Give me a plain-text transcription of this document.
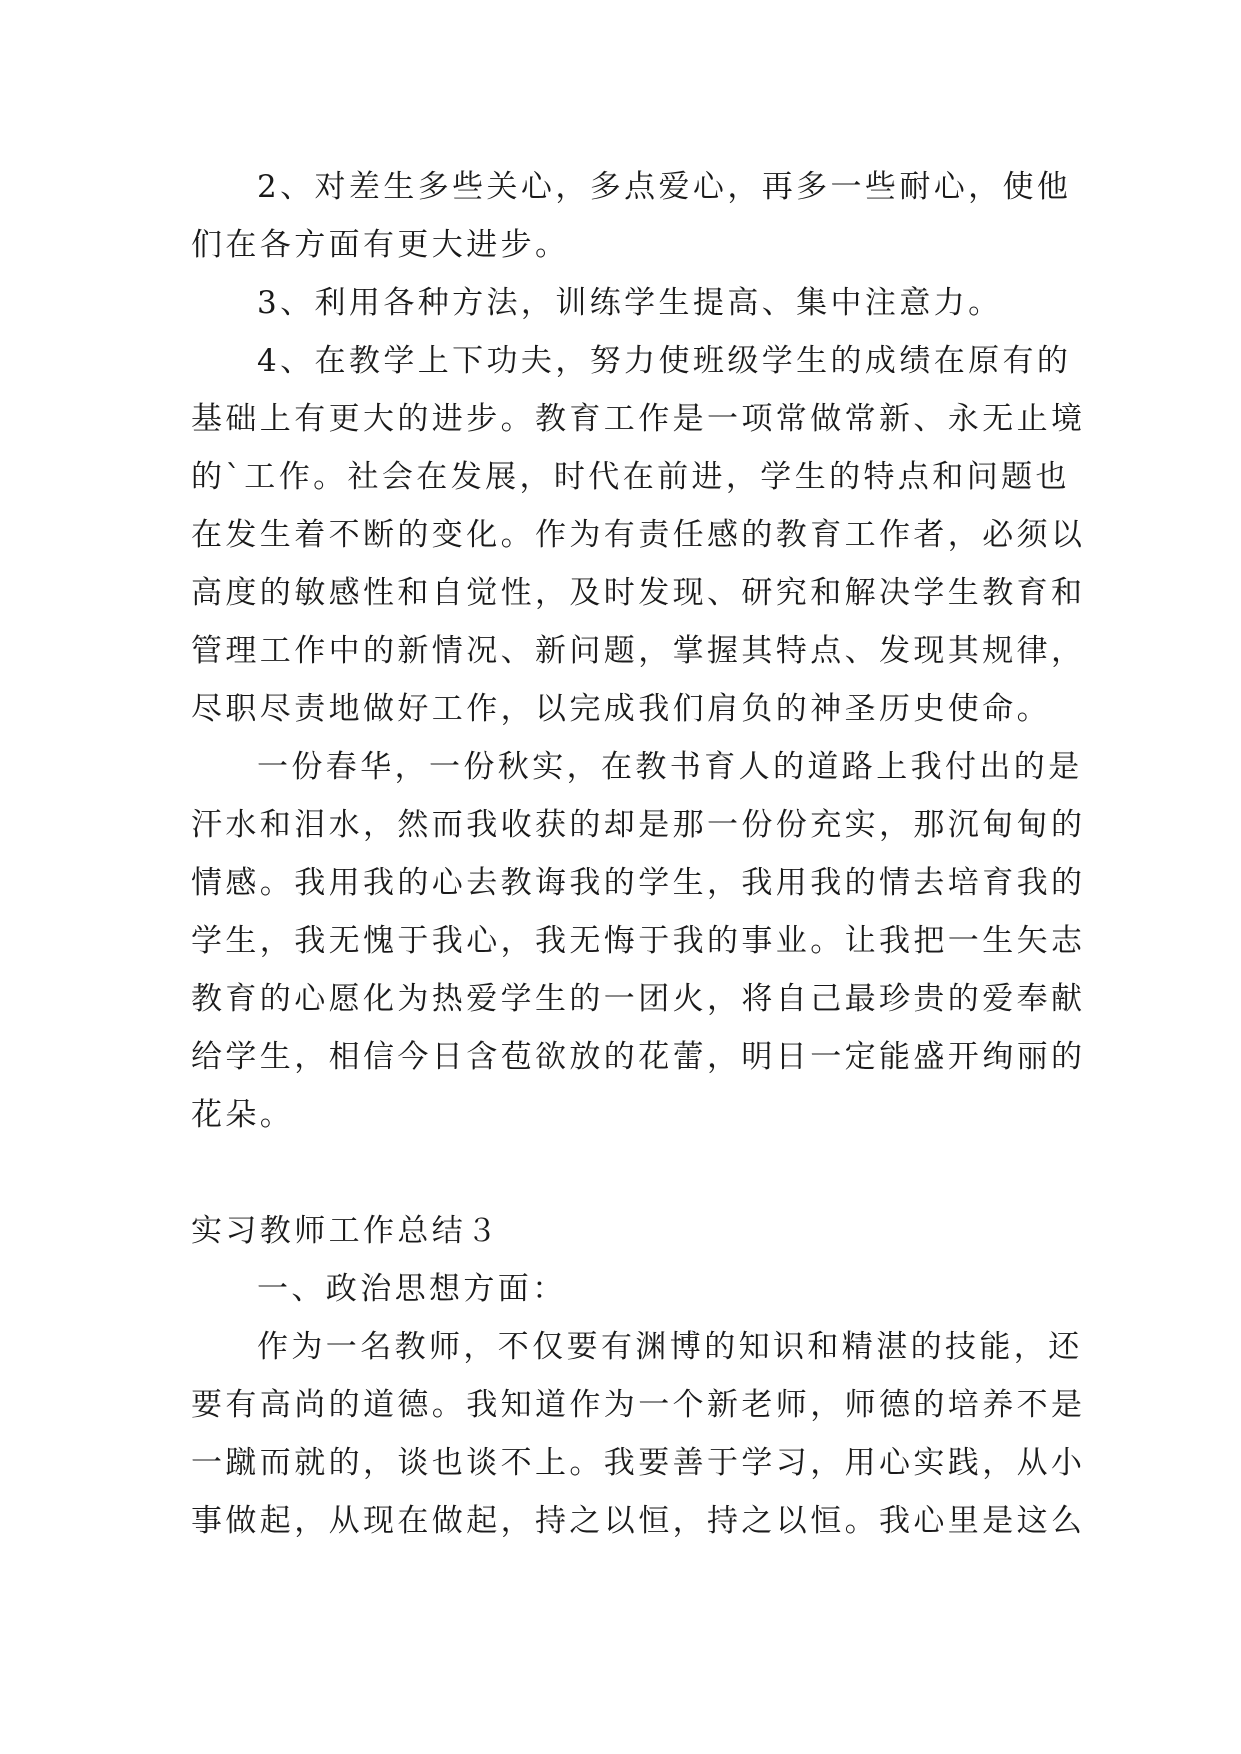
2、对差生多些关心，多点爱心，再多一些耐心，使他
们在各方面有更大进步。
3、利用各种方法，训练学生提高、集中注意力。
4、在教学上下功夫，努力使班级学生的成绩在原有的
基础上有更大的进步。教育工作是一项常做常新、永无止境
的`工作。社会在发展，时代在前进，学生的特点和问题也
在发生着不断的变化。作为有责任感的教育工作者，必须以
高度的敏感性和自觉性，及时发现、研究和解决学生教育和
管理工作中的新情况、新问题，掌握其特点、发现其规律，
尽职尽责地做好工作，以完成我们肩负的神圣历史使命。
一份春华，一份秋实，在教书育人的道路上我付出的是
汗水和泪水，然而我收获的却是那一份份充实，那沉甸甸的
情感。我用我的心去教诲我的学生，我用我的情去培育我的
学生，我无愧于我心，我无悔于我的事业。让我把一生矢志
教育的心愿化为热爱学生的一团火，将自己最珍贵的爱奉献
给学生，相信今日含苞欲放的花蕾，明日一定能盛开绚丽的
花朵。
实习教师工作总结３
一、政治思想方面：
作为一名教师，不仅要有渊博的知识和精湛的技能，还
要有高尚的道德。我知道作为一个新老师，师德的培养不是
一蹴而就的，谈也谈不上。我要善于学习，用心实践，从小
事做起，从现在做起，持之以恒，持之以恒。我心里是这么
